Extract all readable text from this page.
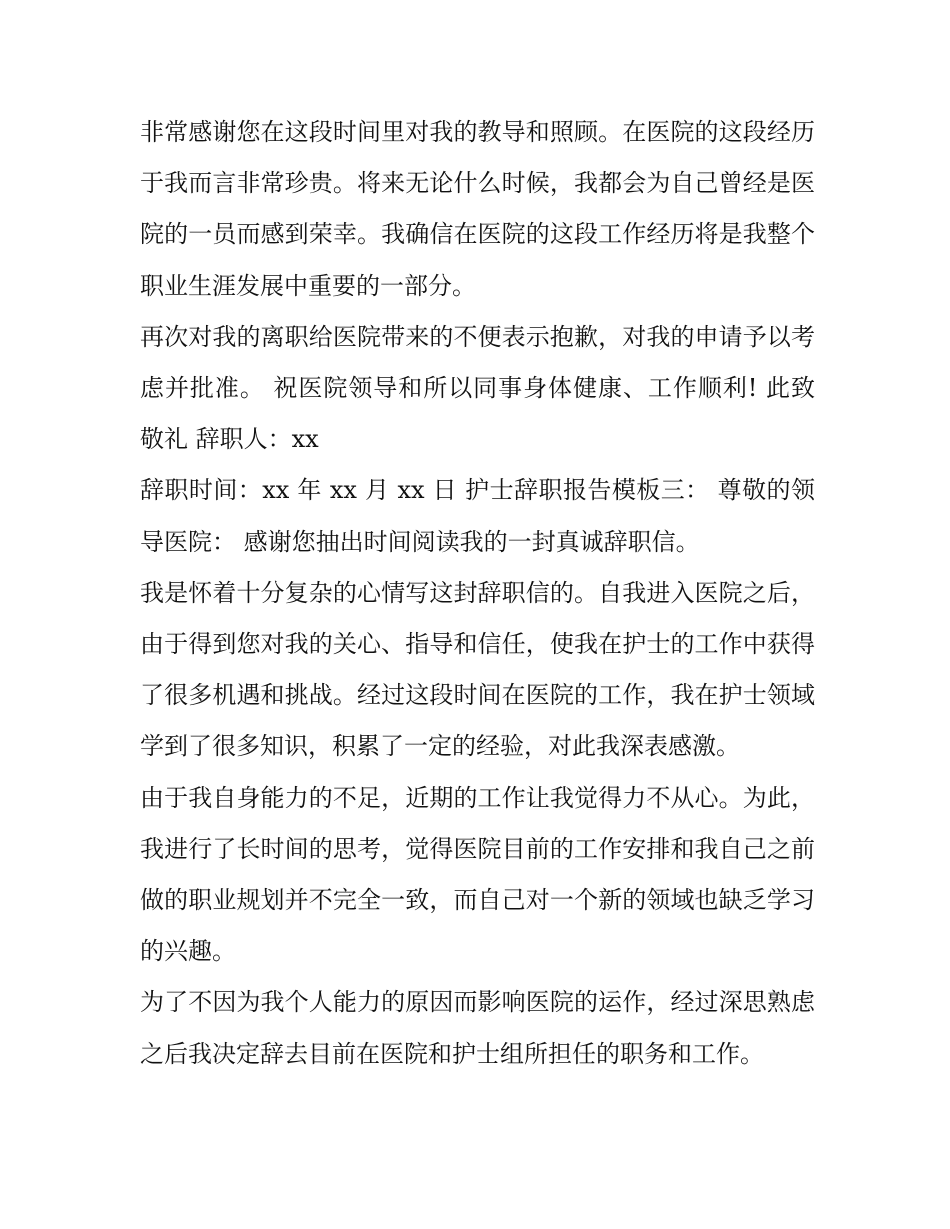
非常感谢您在这段时间里对我的教导和照顾。在医院的这段经历于我而言非常珍贵。将来无论什么时候，我都会为自己曾经是医院的一员而感到荣幸。我确信在医院的这段工作经历将是我整个职业生涯发展中重要的一部分。

再次对我的离职给医院带来的不便表示抱歉，对我的申请予以考虑并批准。 祝医院领导和所以同事身体健康、工作顺利! 此致 敬礼 辞职人：xx

辞职时间：xx 年 xx 月 xx 日 护士辞职报告模板三： 尊敬的领导医院： 感谢您抽出时间阅读我的一封真诚辞职信。

我是怀着十分复杂的心情写这封辞职信的。自我进入医院之后，由于得到您对我的关心、指导和信任，使我在护士的工作中获得了很多机遇和挑战。经过这段时间在医院的工作，我在护士领域学到了很多知识，积累了一定的经验，对此我深表感激。

由于我自身能力的不足，近期的工作让我觉得力不从心。为此，我进行了长时间的思考，觉得医院目前的工作安排和我自己之前做的职业规划并不完全一致，而自己对一个新的领域也缺乏学习的兴趣。

为了不因为我个人能力的原因而影响医院的运作，经过深思熟虑之后我决定辞去目前在医院和护士组所担任的职务和工作。
